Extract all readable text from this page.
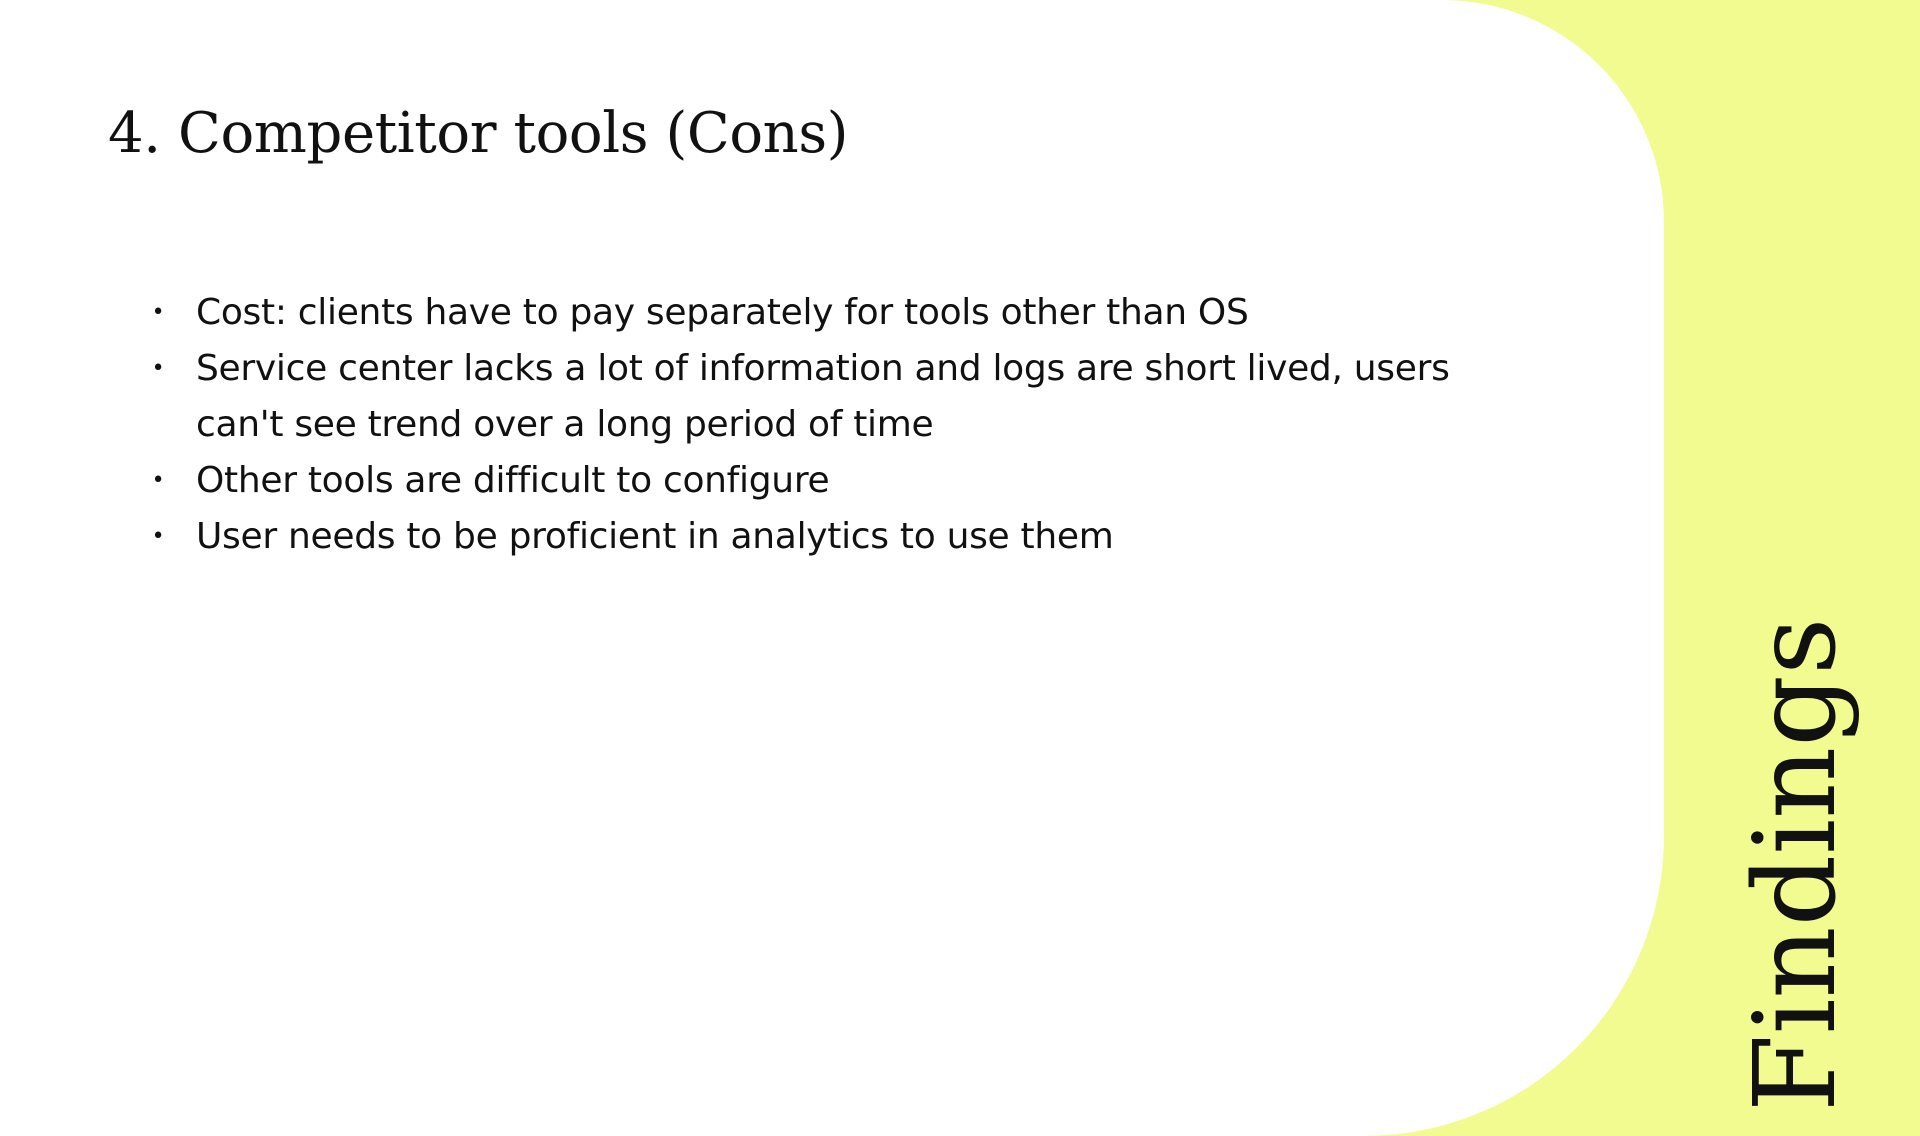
4. Competitor tools (Cons)
• Cost: clients have to pay separately for tools other than OS
• Service center lacks a lot of information and logs are short lived, users can't see trend over a long period of time
• Other tools are difficult to configure
• User needs to be proficient in analytics to use them
Findings
